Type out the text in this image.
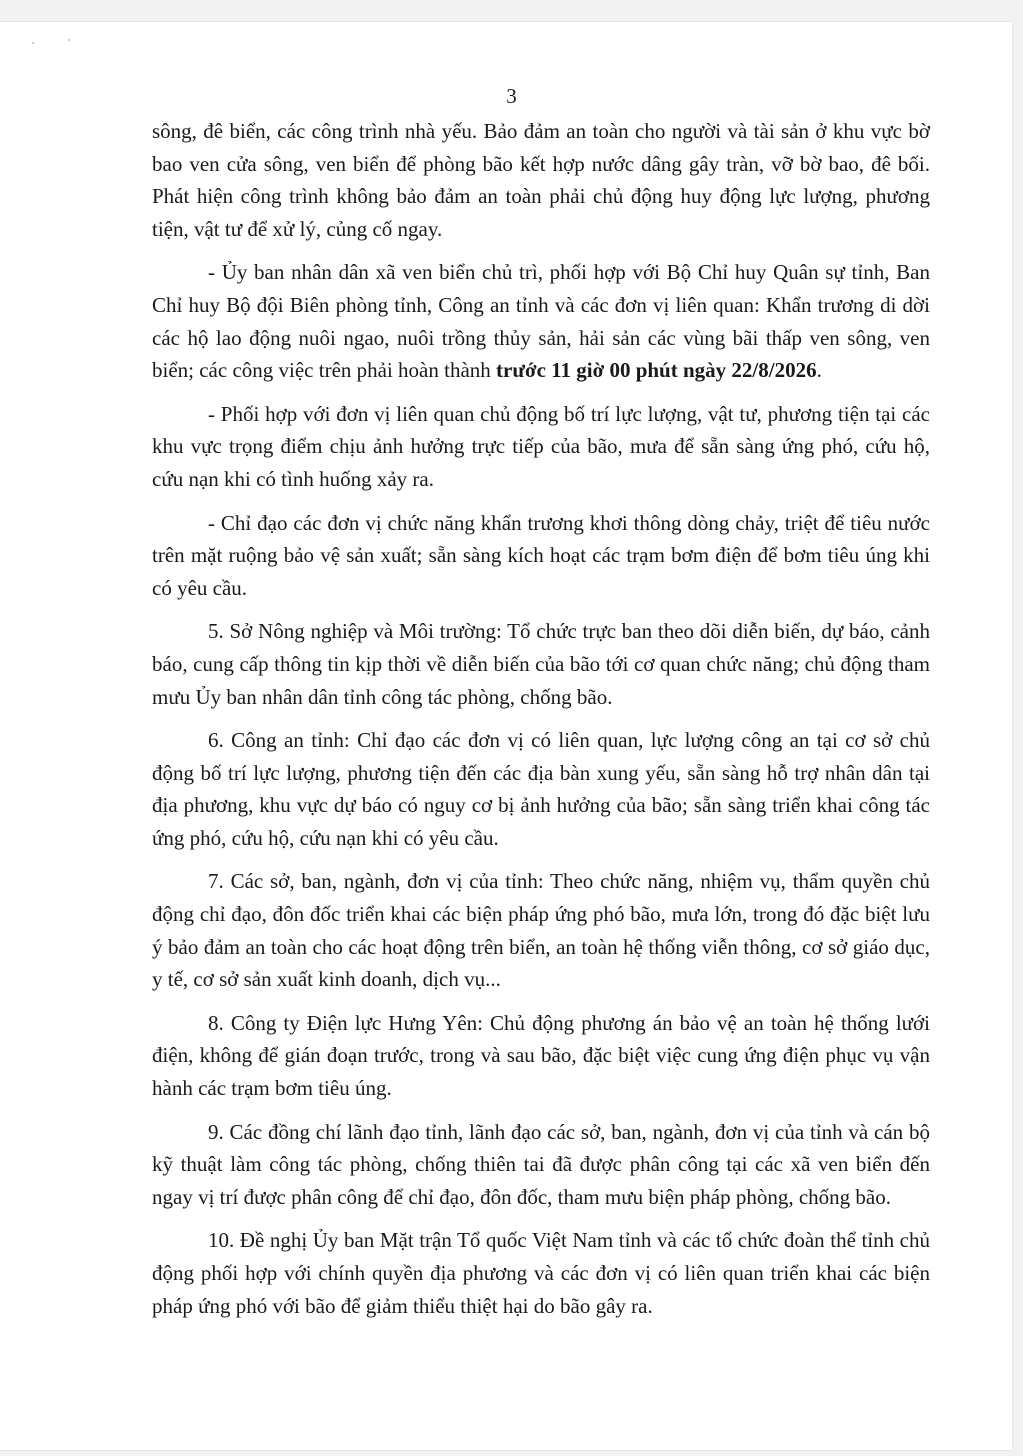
3

sông, đê biển, các công trình nhà yếu. Bảo đảm an toàn cho người và tài sản ở khu vực bờ bao ven cửa sông, ven biển để phòng bão kết hợp nước dâng gây tràn, vỡ bờ bao, đê bối. Phát hiện công trình không bảo đảm an toàn phải chủ động huy động lực lượng, phương tiện, vật tư để xử lý, củng cố ngay.

- Ủy ban nhân dân xã ven biển chủ trì, phối hợp với Bộ Chỉ huy Quân sự tỉnh, Ban Chỉ huy Bộ đội Biên phòng tỉnh, Công an tỉnh và các đơn vị liên quan: Khẩn trương di dời các hộ lao động nuôi ngao, nuôi trồng thủy sản, hải sản các vùng bãi thấp ven sông, ven biển; các công việc trên phải hoàn thành trước 11 giờ 00 phút ngày 22/8/2026.

- Phối hợp với đơn vị liên quan chủ động bố trí lực lượng, vật tư, phương tiện tại các khu vực trọng điểm chịu ảnh hưởng trực tiếp của bão, mưa để sẵn sàng ứng phó, cứu hộ, cứu nạn khi có tình huống xảy ra.

- Chỉ đạo các đơn vị chức năng khẩn trương khơi thông dòng chảy, triệt để tiêu nước trên mặt ruộng bảo vệ sản xuất; sẵn sàng kích hoạt các trạm bơm điện để bơm tiêu úng khi có yêu cầu.

5. Sở Nông nghiệp và Môi trường: Tổ chức trực ban theo dõi diễn biến, dự báo, cảnh báo, cung cấp thông tin kịp thời về diễn biến của bão tới cơ quan chức năng; chủ động tham mưu Ủy ban nhân dân tỉnh công tác phòng, chống bão.

6. Công an tỉnh: Chỉ đạo các đơn vị có liên quan, lực lượng công an tại cơ sở chủ động bố trí lực lượng, phương tiện đến các địa bàn xung yếu, sẵn sàng hỗ trợ nhân dân tại địa phương, khu vực dự báo có nguy cơ bị ảnh hưởng của bão; sẵn sàng triển khai công tác ứng phó, cứu hộ, cứu nạn khi có yêu cầu.

7. Các sở, ban, ngành, đơn vị của tỉnh: Theo chức năng, nhiệm vụ, thẩm quyền chủ động chỉ đạo, đôn đốc triển khai các biện pháp ứng phó bão, mưa lớn, trong đó đặc biệt lưu ý bảo đảm an toàn cho các hoạt động trên biển, an toàn hệ thống viễn thông, cơ sở giáo dục, y tế, cơ sở sản xuất kinh doanh, dịch vụ...

8. Công ty Điện lực Hưng Yên: Chủ động phương án bảo vệ an toàn hệ thống lưới điện, không để gián đoạn trước, trong và sau bão, đặc biệt việc cung ứng điện phục vụ vận hành các trạm bơm tiêu úng.

9. Các đồng chí lãnh đạo tỉnh, lãnh đạo các sở, ban, ngành, đơn vị của tỉnh và cán bộ kỹ thuật làm công tác phòng, chống thiên tai đã được phân công tại các xã ven biển đến ngay vị trí được phân công để chỉ đạo, đôn đốc, tham mưu biện pháp phòng, chống bão.

10. Đề nghị Ủy ban Mặt trận Tổ quốc Việt Nam tỉnh và các tổ chức đoàn thể tỉnh chủ động phối hợp với chính quyền địa phương và các đơn vị có liên quan triển khai các biện pháp ứng phó với bão để giảm thiểu thiệt hại do bão gây ra.
